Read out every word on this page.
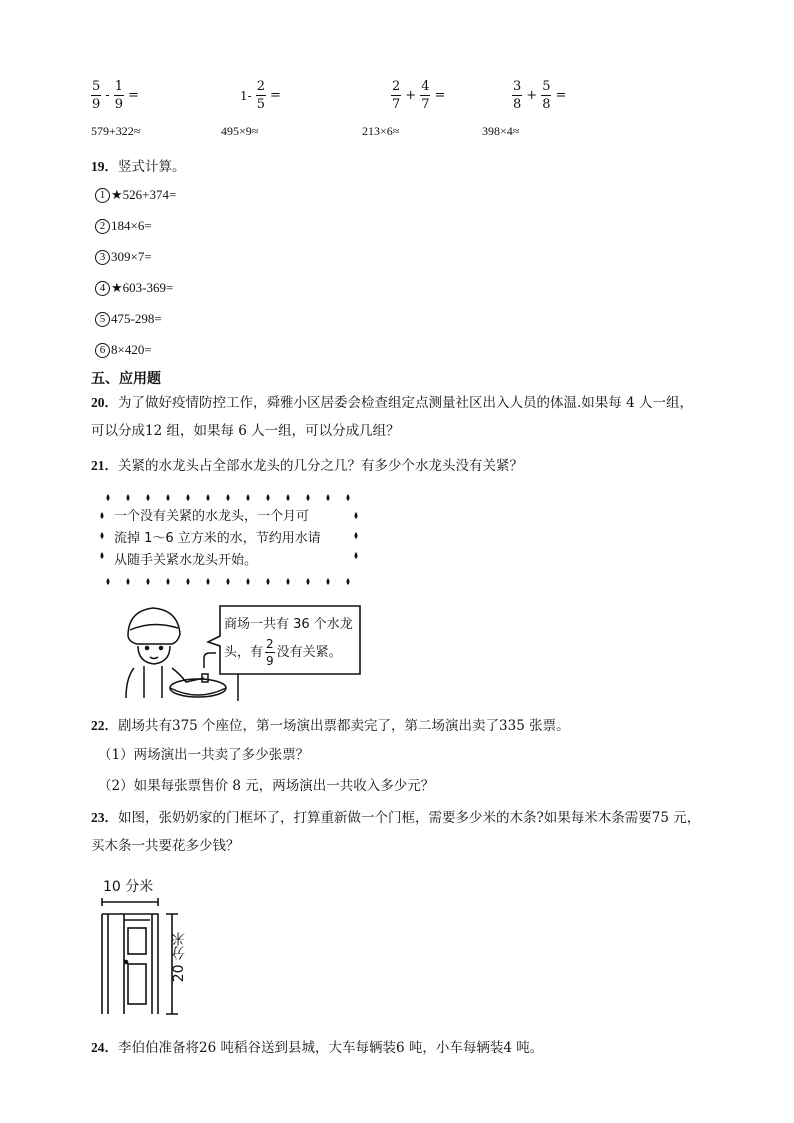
$\frac{5}{9} - \frac{1}{9}$ =	$1- \frac{2}{5}$ =	$\frac{2}{7} + \frac{4}{7}$ =	$\frac{3}{8} + \frac{5}{8}$ =
579+322≈	495×9≈	213×6≈	398×4≈
19．竖式计算。
1 ★526+374=
2 184×6=
3 309×7=
4 ★603-369=
5 475-298=
6 8×420=
五、应用题
20．为了做好疫情防控工作，舜雅小区居委会检查组定点测量社区出入人员的体温.如果每 4 人一组，
可以分成12 组，如果每 6 人一组，可以分成几组？
21．关紧的水龙头占全部水龙头的几分之几？有多少个水龙头没有关紧？
一个没有关紧的水龙头，一个月可
流掉 1～6 立方米的水，节约用水请
从随手关紧水龙头开始。
商场一共有 36 个水龙
头，有 $\frac{2}{9}$ 没有关紧。
22．剧场共有375 个座位，第一场演出票都卖完了，第二场演出卖了335 张票。
（1）两场演出一共卖了多少张票？
（2）如果每张票售价 8 元，两场演出一共收入多少元？
23．如图，张奶奶家的门框坏了，打算重新做一个门框，需要多少米的木条?如果每米木条需要75 元，
买木条一共要花多少钱？
10 分米
20 分米
24．李伯伯准备将26 吨稻谷送到县城，大车每辆装6 吨，小车每辆装4 吨。
